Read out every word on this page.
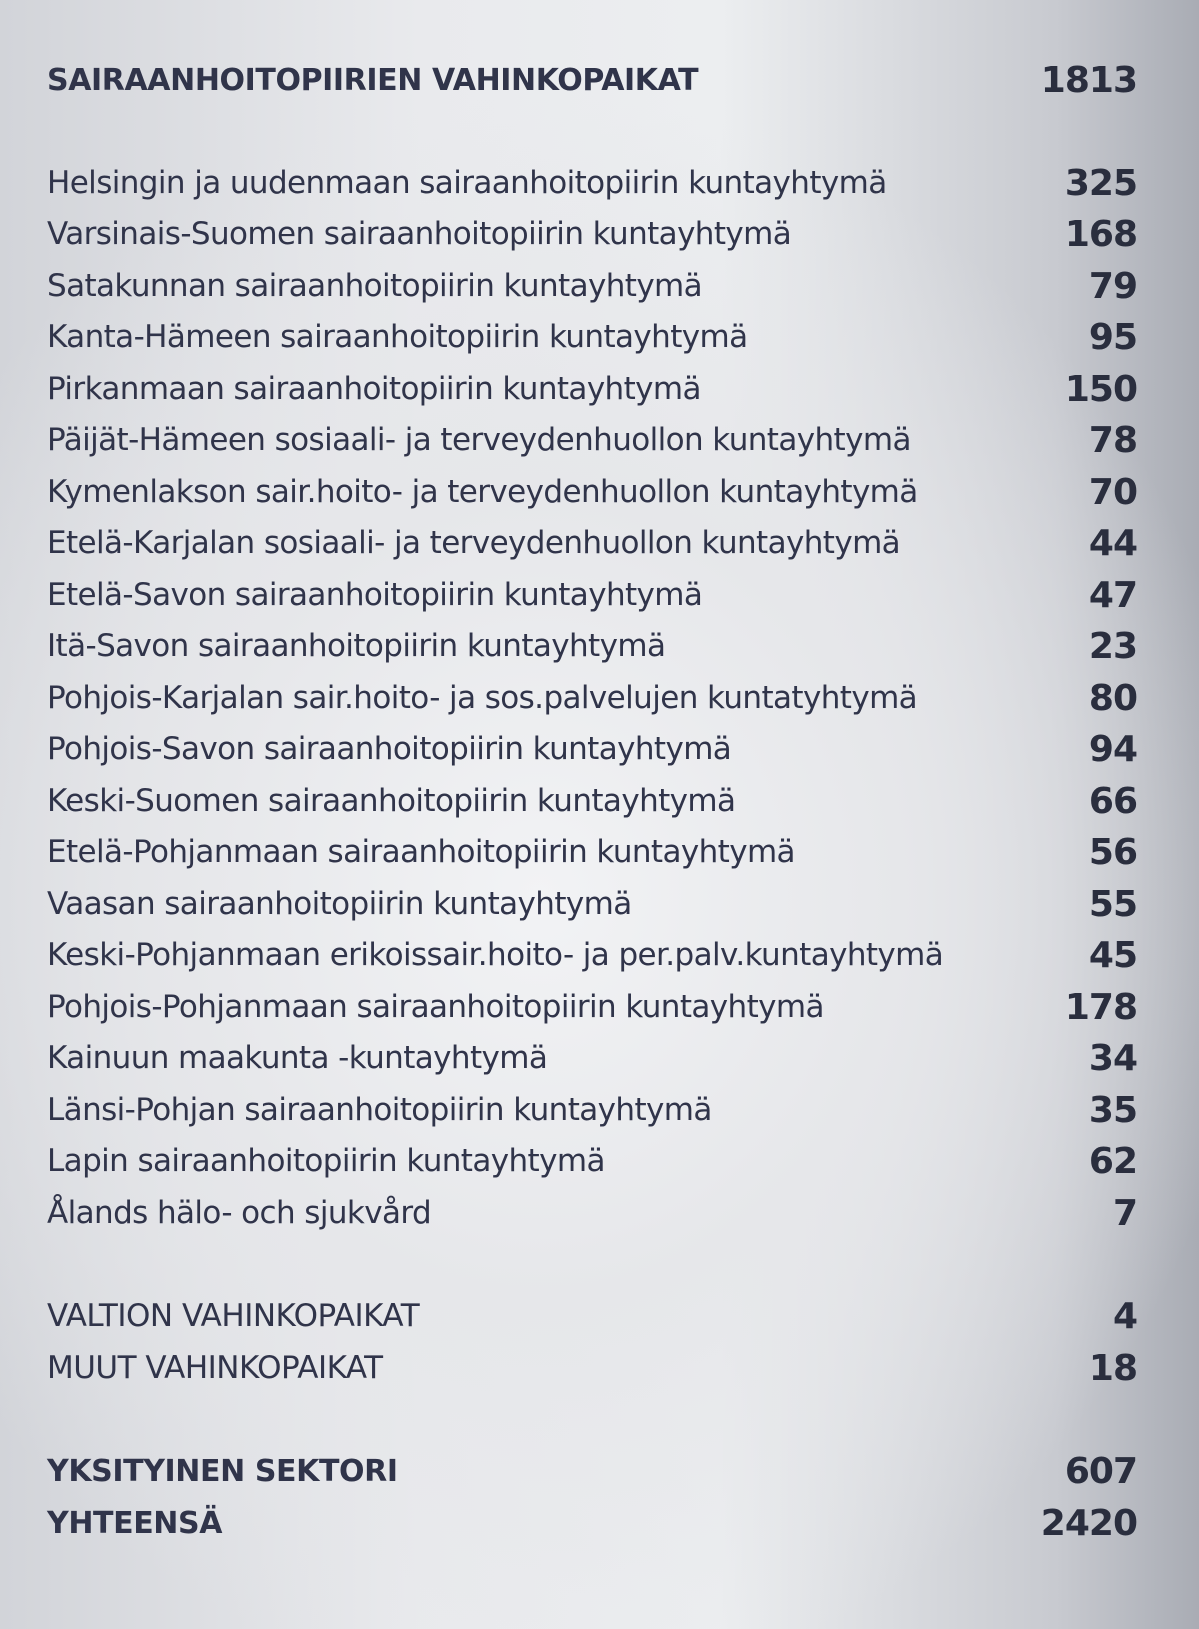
SAIRAANHOITOPIIRIEN VAHINKOPAIKAT	1813
Helsingin ja uudenmaan sairaanhoitopiirin kuntayhtymä	325
Varsinais-Suomen sairaanhoitopiirin kuntayhtymä	168
Satakunnan sairaanhoitopiirin kuntayhtymä	79
Kanta-Hämeen sairaanhoitopiirin kuntayhtymä	95
Pirkanmaan sairaanhoitopiirin kuntayhtymä	150
Päijät-Hämeen sosiaali- ja terveydenhuollon kuntayhtymä	78
Kymenlakson sair.hoito- ja terveydenhuollon kuntayhtymä	70
Etelä-Karjalan sosiaali- ja terveydenhuollon kuntayhtymä	44
Etelä-Savon sairaanhoitopiirin kuntayhtymä	47
Itä-Savon sairaanhoitopiirin kuntayhtymä	23
Pohjois-Karjalan sair.hoito- ja sos.palvelujen kuntatyhtymä	80
Pohjois-Savon sairaanhoitopiirin kuntayhtymä	94
Keski-Suomen sairaanhoitopiirin kuntayhtymä	66
Etelä-Pohjanmaan sairaanhoitopiirin kuntayhtymä	56
Vaasan sairaanhoitopiirin kuntayhtymä	55
Keski-Pohjanmaan erikoissair.hoito- ja per.palv.kuntayhtymä	45
Pohjois-Pohjanmaan sairaanhoitopiirin kuntayhtymä	178
Kainuun maakunta -kuntayhtymä	34
Länsi-Pohjan sairaanhoitopiirin kuntayhtymä	35
Lapin sairaanhoitopiirin kuntayhtymä	62
Ålands hälo- och sjukvård	7
VALTION VAHINKOPAIKAT	4
MUUT VAHINKOPAIKAT	18
YKSITYINEN SEKTORI	607
YHTEENSÄ	2420
